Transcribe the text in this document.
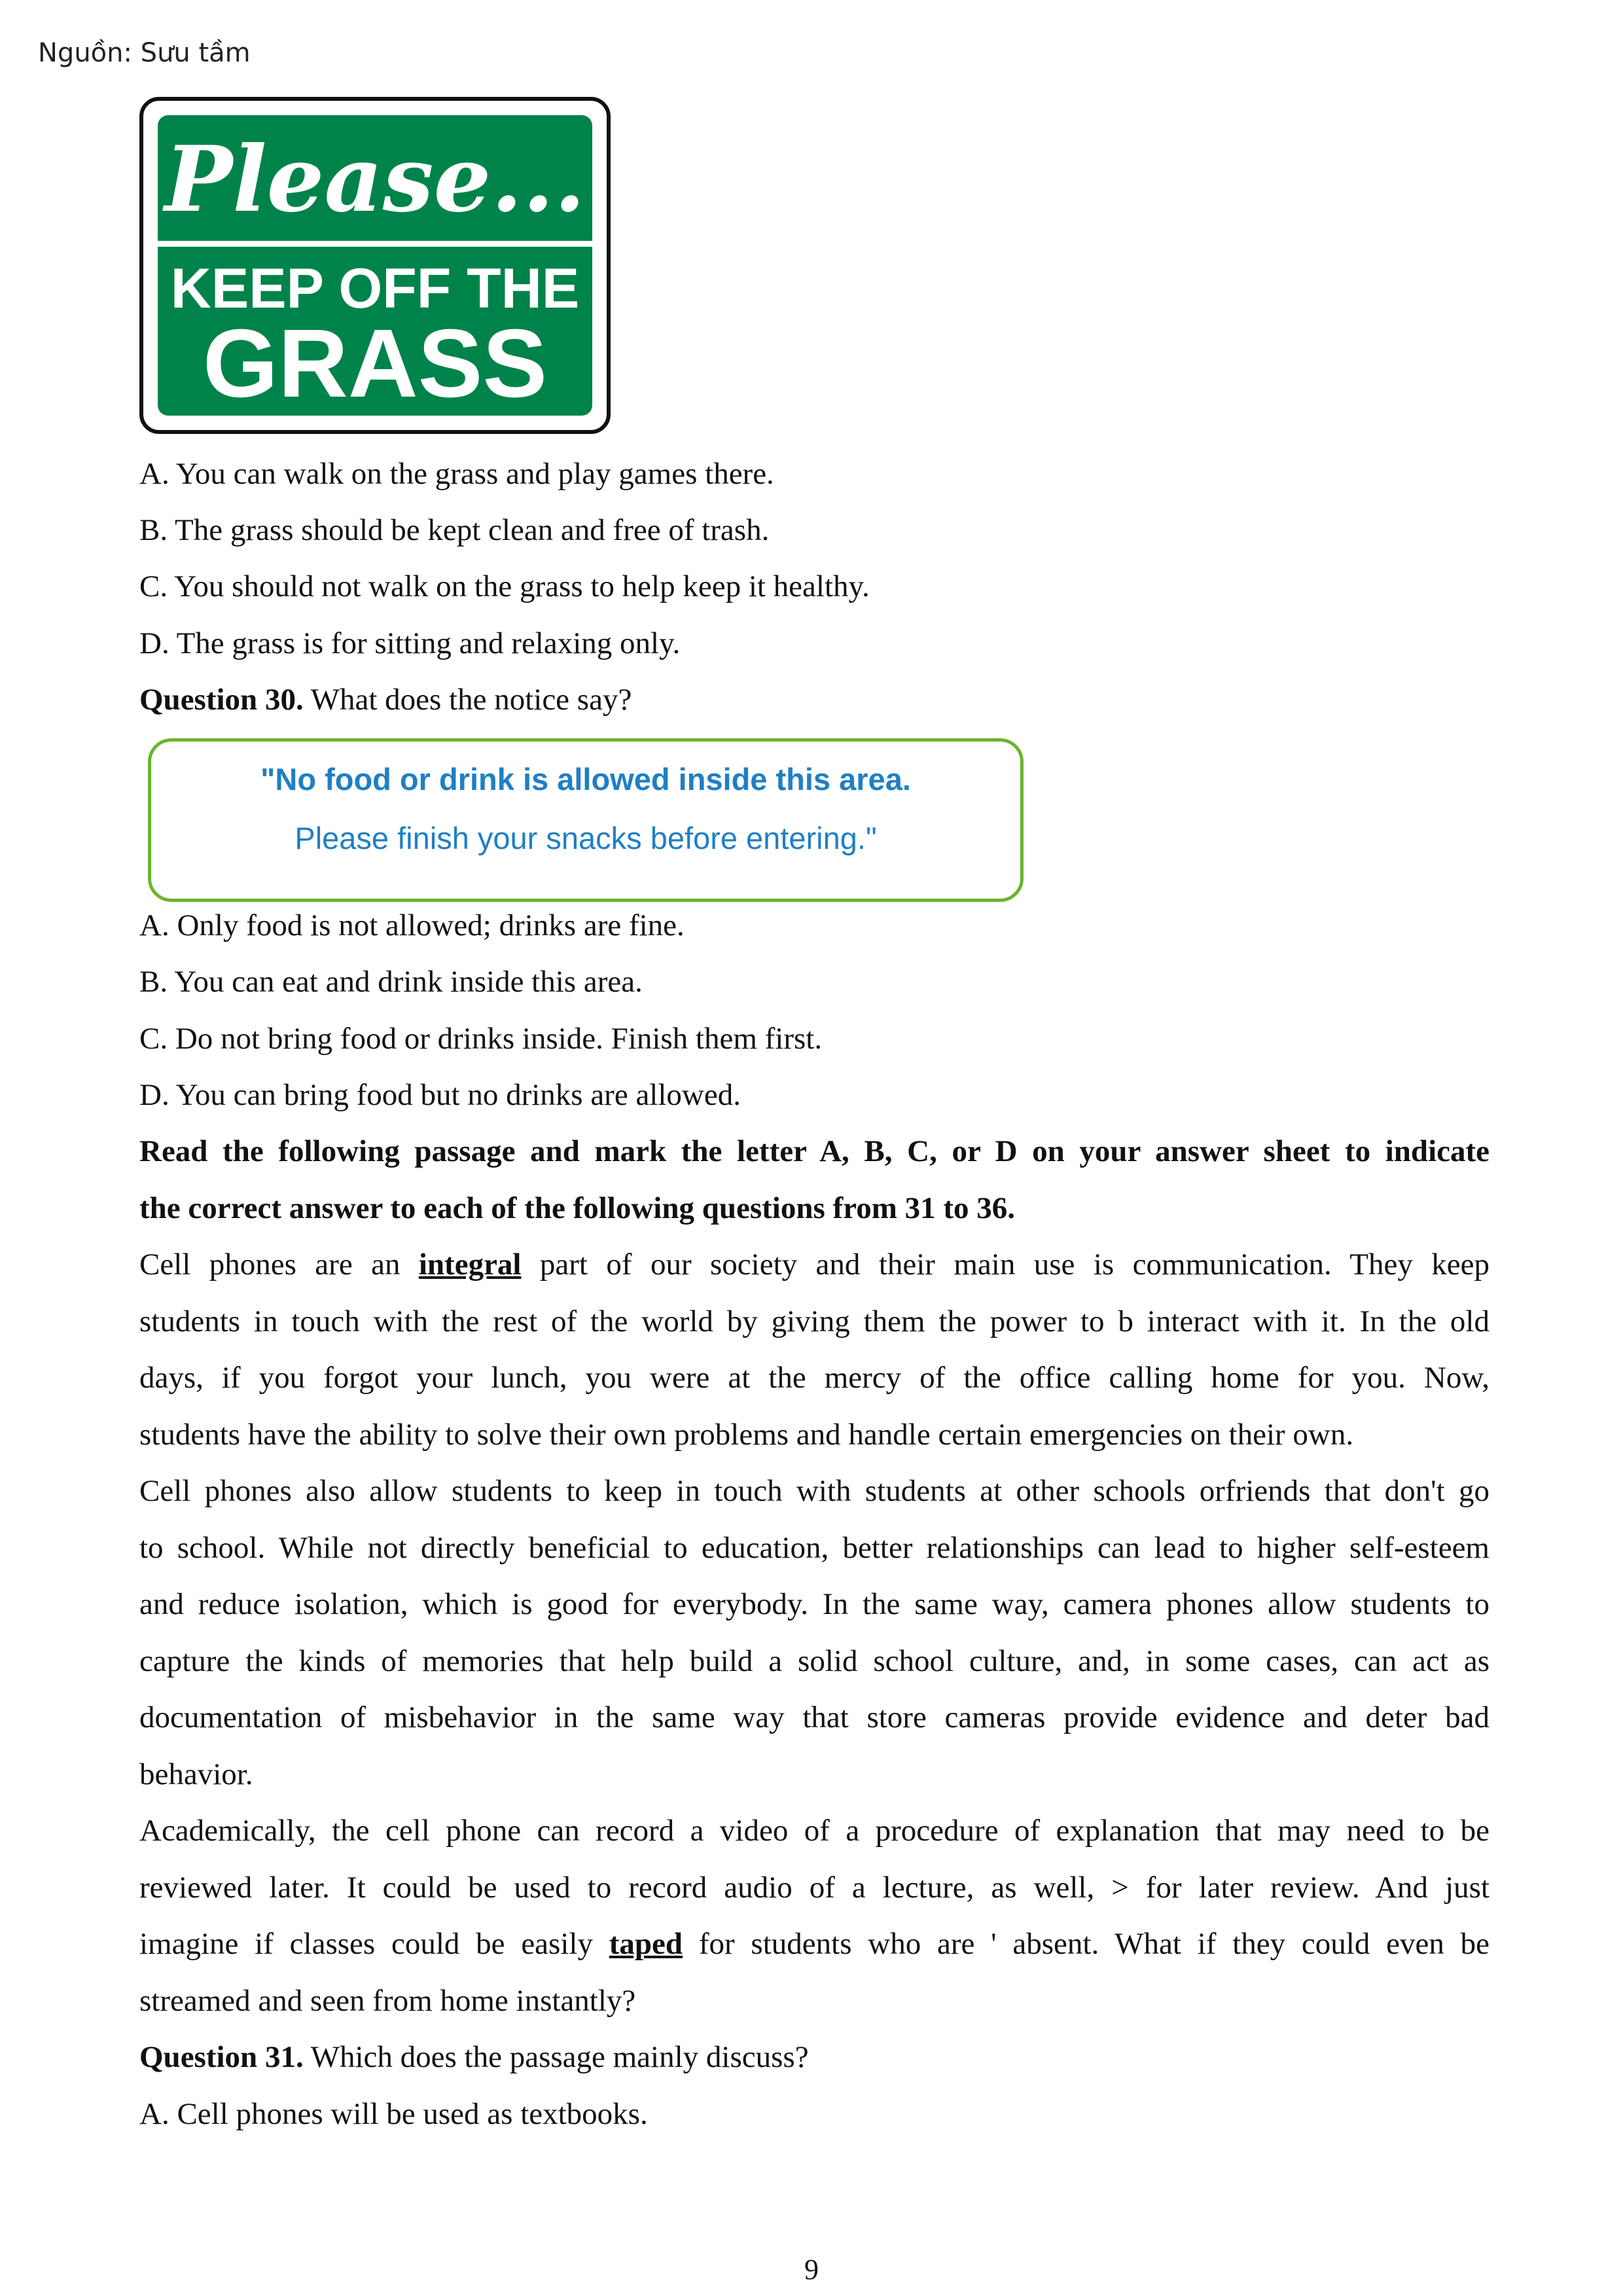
Nguồn: Sưu tầm
Please...
KEEP OFF THE
GRASS
A. You can walk on the grass and play games there.
B. The grass should be kept clean and free of trash.
C. You should not walk on the grass to help keep it healthy.
D. The grass is for sitting and relaxing only.
Question 30. What does the notice say?
"No food or drink is allowed inside this area.
Please finish your snacks before entering."
A. Only food is not allowed; drinks are fine.
B. You can eat and drink inside this area.
C. Do not bring food or drinks inside. Finish them first.
D. You can bring food but no drinks are allowed.
Read the following passage and mark the letter A, B, C, or D on your answer sheet to indicate
the correct answer to each of the following questions from 31 to 36.
Cell phones are an integral part of our society and their main use is communication. They keep
students in touch with the rest of the world by giving them the power to b interact with it. In the old
days, if you forgot your lunch, you were at the mercy of the office calling home for you. Now,
students have the ability to solve their own problems and handle certain emergencies on their own.
Cell phones also allow students to keep in touch with students at other schools orfriends that don't go
to school. While not directly beneficial to education, better relationships can lead to higher self-esteem
and reduce isolation, which is good for everybody. In the same way, camera phones allow students to
capture the kinds of memories that help build a solid school culture, and, in some cases, can act as
documentation of misbehavior in the same way that store cameras provide evidence and deter bad
behavior.
Academically, the cell phone can record a video of a procedure of explanation that may need to be
reviewed later. It could be used to record audio of a lecture, as well, > for later review. And just
imagine if classes could be easily taped for students who are ' absent. What if they could even be
streamed and seen from home instantly?
Question 31. Which does the passage mainly discuss?
A. Cell phones will be used as textbooks.
9
